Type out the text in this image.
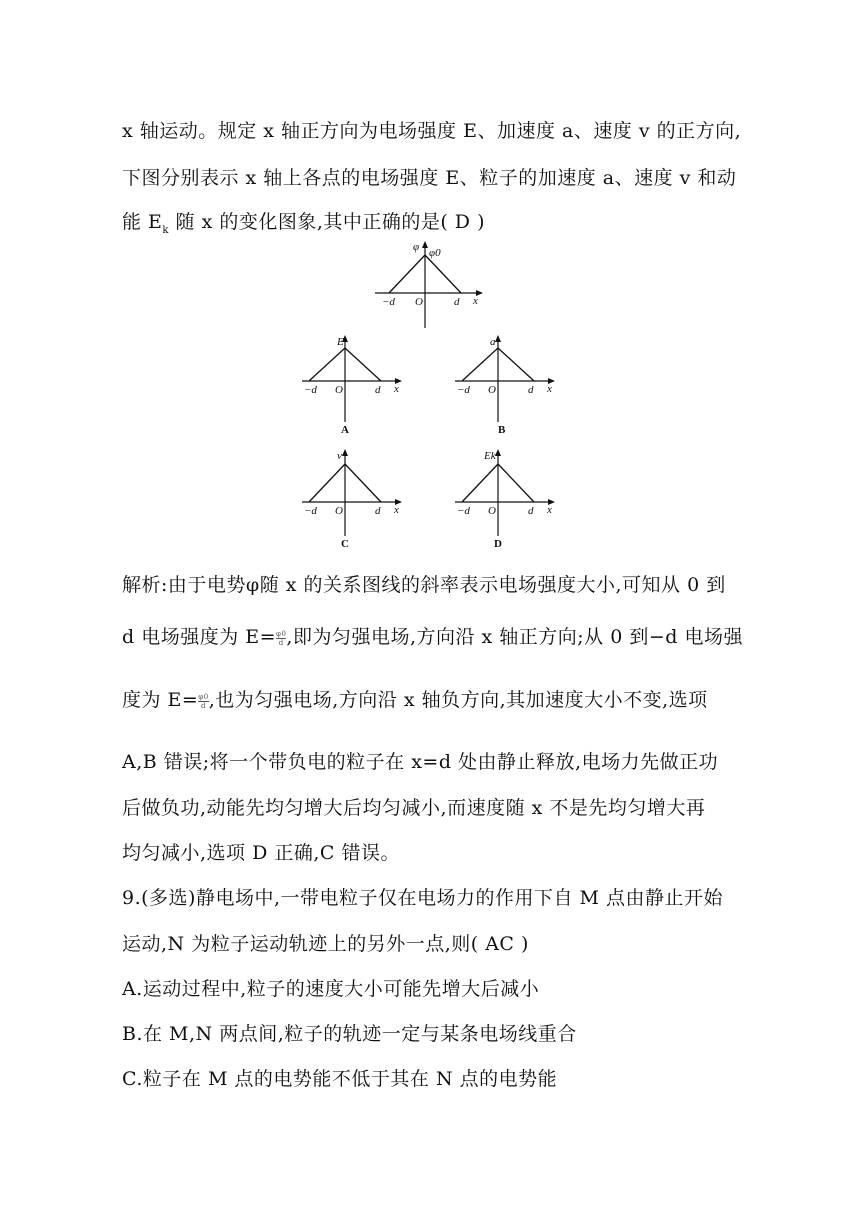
x 轴运动。规定 x 轴正方向为电场强度 E、加速度 a、速度 v 的正方向,
下图分别表示 x 轴上各点的电场强度 E、粒子的加速度 a、速度 v 和动
能 $E_k$ 随 x 的变化图象,其中正确的是( D )
φ φ0
−d O	d x
E
−d O	d x
A
a
−d O	d x
B
v
−d O	d x
C
Ek
−d O	d x
D
解析:由于电势φ随 x 的关系图线的斜率表示电场强度大小,可知从 0 到
d 电场强度为 $E= \frac{\varphi 0}{d}$ ,即为匀强电场,方向沿 x 轴正方向;从 0 到−d 电场强
度为 $E= \frac{\varphi 0}{d}$ ,也为匀强电场,方向沿 x 轴负方向,其加速度大小不变,选项
A,B 错误;将一个带负电的粒子在 x=d 处由静止释放,电场力先做正功
后做负功,动能先均匀增大后均匀减小,而速度随 x 不是先均匀增大再
均匀减小,选项 D 正确,C 错误。
9.(多选)静电场中,一带电粒子仅在电场力的作用下自 M 点由静止开始
运动,N 为粒子运动轨迹上的另外一点,则( AC )
A.运动过程中,粒子的速度大小可能先增大后减小
B.在 M,N 两点间,粒子的轨迹一定与某条电场线重合
C.粒子在 M 点的电势能不低于其在 N 点的电势能
